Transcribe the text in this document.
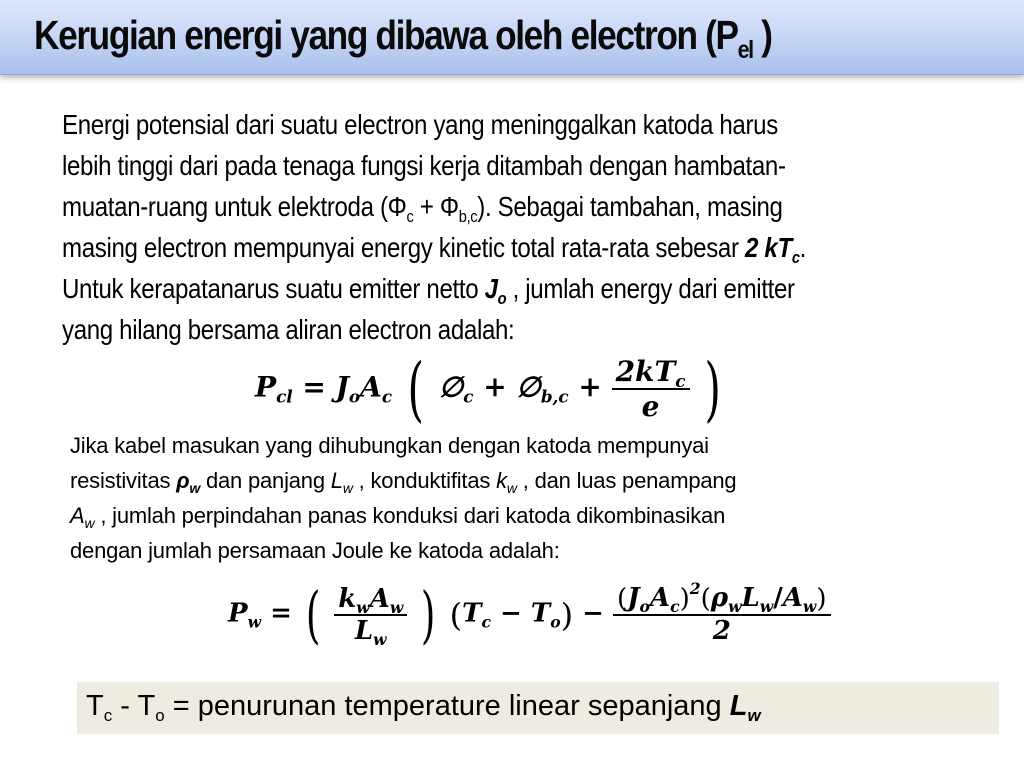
Kerugian energi yang dibawa oleh electron ($P_{el}$ )
Energi potensial dari suatu electron yang meninggalkan katoda harus
lebih tinggi dari pada tenaga fungsi kerja ditambah dengan hambatan-
muatan-ruang untuk elektroda $(\Phi_c + \Phi_{b,c})$. Sebagai tambahan, masing
masing electron mempunyai energy kinetic total rata-rata sebesar 2 $kT_c$.
Untuk kerapatanarus suatu emitter netto $J_o$ , jumlah energy dari emitter
yang hilang bersama aliran electron adalah:
$P_{cl} = J_oA_c$ ( $\emptyset_c$ + $\emptyset_{b,c} + \frac{2kT_c}{e}$ )
Jika kabel masukan yang dihubungkan dengan katoda mempunyai
resistivitas $\rho_w$ dan panjang $L_w$ , konduktifitas $k_w$ , dan luas penampang
$A_w$ , jumlah perpindahan panas konduksi dari katoda dikombinasikan
dengan jumlah persamaan Joule ke katoda adalah:
$P_w$ = ( $\frac{k_wA_w}{L_w}$ ) $(T_c - T_o) - \frac{(J_oA_c)^2(\rho_wL_w/A_w)}{2}$
$T_c - T_o$ = penurunan temperature linear sepanjang $L_w$
